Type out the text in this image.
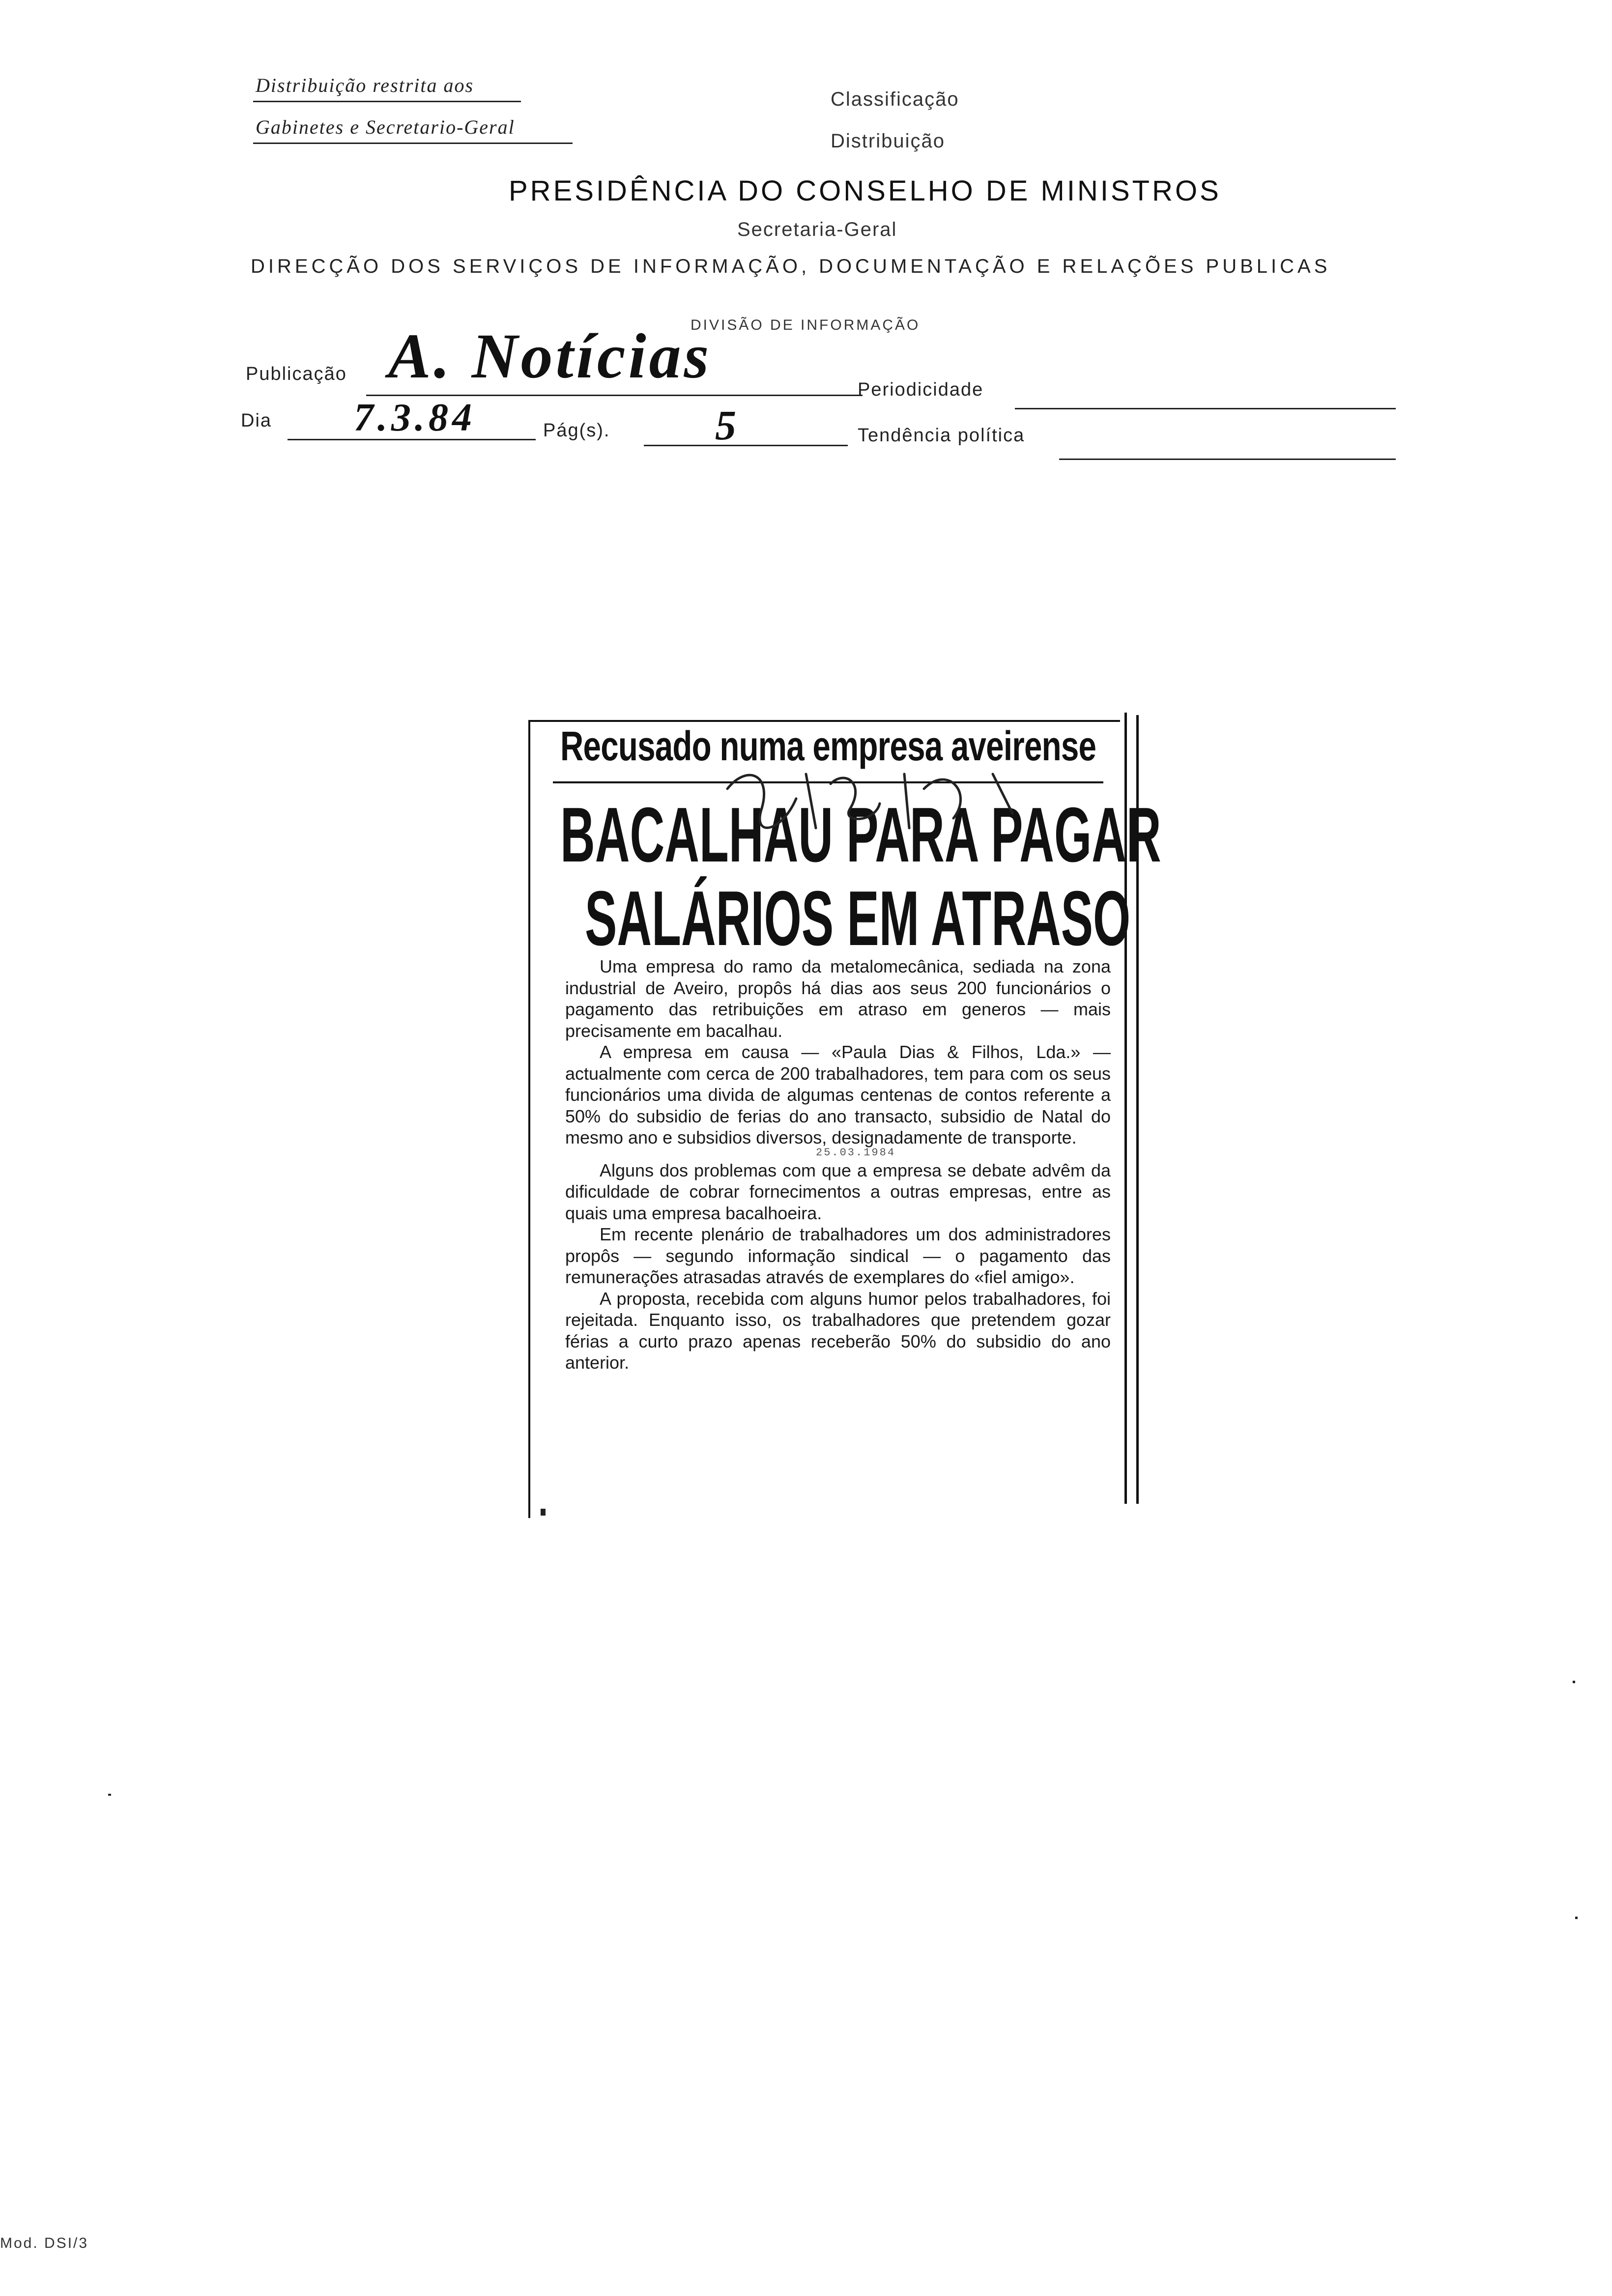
Distribuição restrita aos
Gabinetes e Secretario-Geral
Classificação
Distribuição
PRESIDÊNCIA DO CONSELHO DE MINISTROS
Secretaria-Geral
DIRECÇÃO DOS SERVIÇOS DE INFORMAÇÃO, DOCUMENTAÇÃO E RELAÇÕES PUBLICAS
DIVISÃO DE INFORMAÇÃO
Publicação A. Notícias	Periodicidade
Dia 7.3.84	Pág(s). 5	Tendência política
Recusado numa empresa aveirense
BACALHAU PARA PAGAR
SALÁRIOS EM ATRASO

Uma empresa do ramo da metalomecânica, sediada na zona industrial de Aveiro, propôs há dias aos seus 200 funcionários o pagamento das retribuições em atraso em generos — mais precisamente em bacalhau.

A empresa em causa — «Paula Dias & Filhos, Lda.» — actualmente com cerca de 200 trabalhadores, tem para com os seus funcionários uma divida de algumas centenas de contos referente a 50% do subsidio de ferias do ano transacto, subsidio de Natal do mesmo ano e subsidios diversos, designadamente de transporte.

25.03.1984

Alguns dos problemas com que a empresa se debate advêm da dificuldade de cobrar fornecimentos a outras empresas, entre as quais uma empresa bacalhoeira.

Em recente plenário de trabalhadores um dos administradores propôs — segundo informação sindical — o pagamento das remunerações atrasadas através de exemplares do «fiel amigo».

A proposta, recebida com alguns humor pelos trabalhadores, foi rejeitada. Enquanto isso, os trabalhadores que pretendem gozar férias a curto prazo apenas receberão 50% do subsidio do ano anterior.

Mod. DSI/3
